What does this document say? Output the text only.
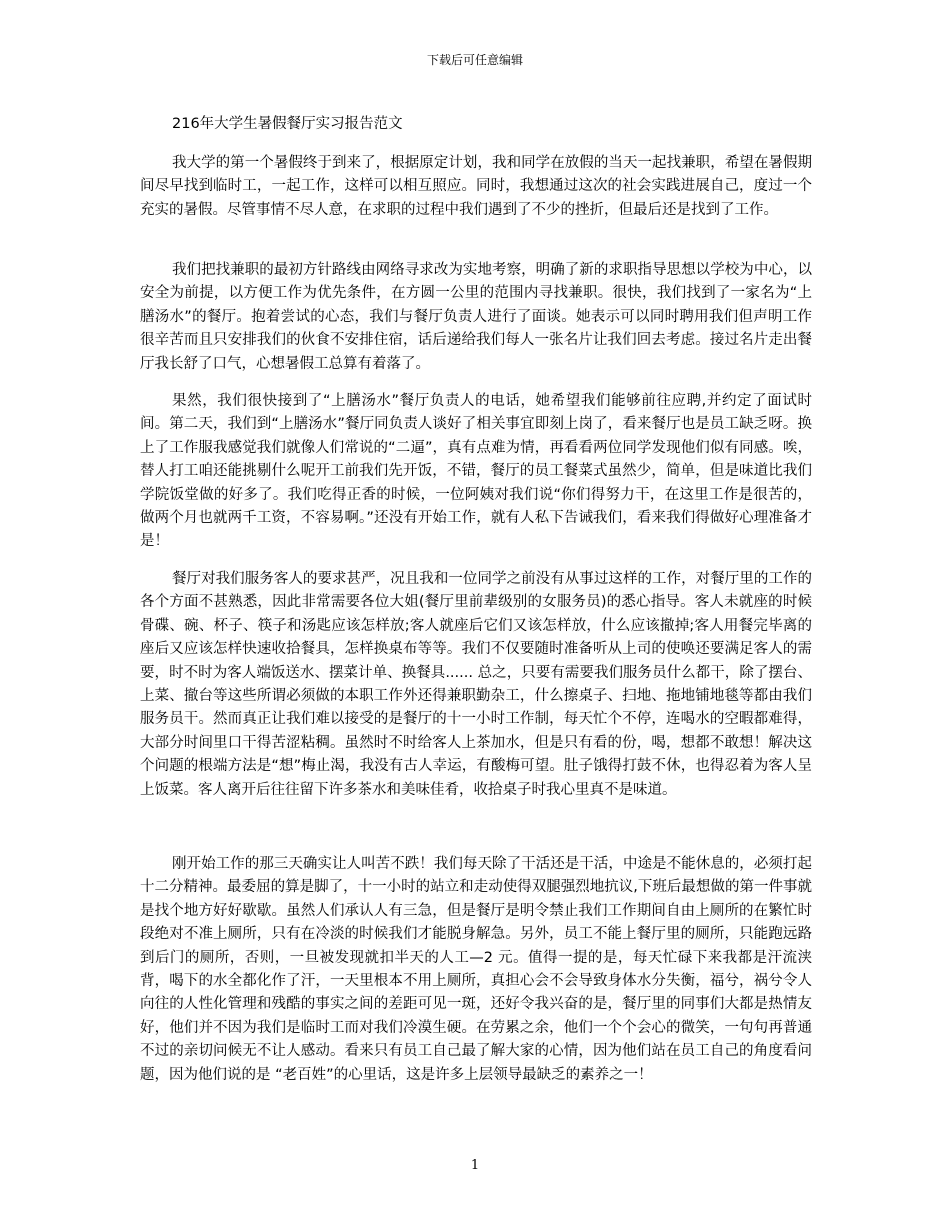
下载后可任意编辑
216年大学生暑假餐厅实习报告范文

我大学的第一个暑假终于到来了，根据原定计划，我和同学在放假的当天一起找兼职，希望在暑假期间尽早找到临时工，一起工作，这样可以相互照应。同时，我想通过这次的社会实践进展自己，度过一个充实的暑假。尽管事情不尽人意，在求职的过程中我们遇到了不少的挫折，但最后还是找到了工作。

我们把找兼职的最初方针路线由网络寻求改为实地考察，明确了新的求职指导思想以学校为中心，以安全为前提，以方便工作为优先条件，在方圆一公里的范围内寻找兼职。很快，我们找到了一家名为“上膳汤水”的餐厅。抱着尝试的心态，我们与餐厅负责人进行了面谈。她表示可以同时聘用我们但声明工作很辛苦而且只安排我们的伙食不安排住宿，话后递给我们每人一张名片让我们回去考虑。接过名片走出餐厅我长舒了口气，心想暑假工总算有着落了。

果然，我们很快接到了“上膳汤水”餐厅负责人的电话，她希望我们能够前往应聘,并约定了面试时间。第二天，我们到“上膳汤水”餐厅同负责人谈好了相关事宜即刻上岗了，看来餐厅也是员工缺乏呀。换上了工作服我感觉我们就像人们常说的“二逼”，真有点难为情，再看看两位同学发现他们似有同感。唉，替人打工咱还能挑剔什么呢开工前我们先开饭，不错，餐厅的员工餐菜式虽然少，简单，但是味道比我们学院饭堂做的好多了。我们吃得正香的时候，一位阿姨对我们说“你们得努力干，在这里工作是很苦的，做两个月也就两千工资，不容易啊。”还没有开始工作，就有人私下告诫我们，看来我们得做好心理准备才是！

餐厅对我们服务客人的要求甚严，况且我和一位同学之前没有从事过这样的工作，对餐厅里的工作的各个方面不甚熟悉，因此非常需要各位大姐(餐厅里前辈级别的女服务员)的悉心指导。客人未就座的时候骨碟、碗、杯子、筷子和汤匙应该怎样放;客人就座后它们又该怎样放，什么应该撤掉;客人用餐完毕离的座后又应该怎样快速收拾餐具，怎样换桌布等等。我们不仅要随时准备听从上司的使唤还要满足客人的需要，时不时为客人端饭送水、摆菜计单、换餐具...... 总之，只要有需要我们服务员什么都干，除了摆台、上菜、撤台等这些所谓必须做的本职工作外还得兼职勤杂工，什么擦桌子、扫地、拖地铺地毯等都由我们服务员干。然而真正让我们难以接受的是餐厅的十一小时工作制，每天忙个不停，连喝水的空暇都难得，大部分时间里口干得苦涩粘稠。虽然时不时给客人上茶加水，但是只有看的份，喝，想都不敢想！解决这个问题的根端方法是“想”梅止渴，我没有古人幸运，有酸梅可望。肚子饿得打鼓不休，也得忍着为客人呈上饭菜。客人离开后往往留下许多茶水和美味佳肴，收拾桌子时我心里真不是味道。

刚开始工作的那三天确实让人叫苦不跌！我们每天除了干活还是干活，中途是不能休息的，必须打起十二分精神。最委屈的算是脚了，十一小时的站立和走动使得双腿强烈地抗议,下班后最想做的第一件事就是找个地方好好歇歇。虽然人们承认人有三急，但是餐厅是明令禁止我们工作期间自由上厕所的在繁忙时段绝对不准上厕所，只有在冷淡的时候我们才能脱身解急。另外，员工不能上餐厅里的厕所，只能跑远路到后门的厕所，否则，一旦被发现就扣半天的人工—2 元。值得一提的是，每天忙碌下来我都是汗流浃背，喝下的水全都化作了汗，一天里根本不用上厕所，真担心会不会导致身体水分失衡，福兮，祸兮令人向往的人性化管理和残酷的事实之间的差距可见一斑，还好令我兴奋的是，餐厅里的同事们大都是热情友好，他们并不因为我们是临时工而对我们冷漠生硬。在劳累之余，他们一个个会心的微笑，一句句再普通不过的亲切问候无不让人感动。看来只有员工自己最了解大家的心情，因为他们站在员工自己的角度看问题，因为他们说的是 “老百姓”的心里话，这是许多上层领导最缺乏的素养之一！

1
